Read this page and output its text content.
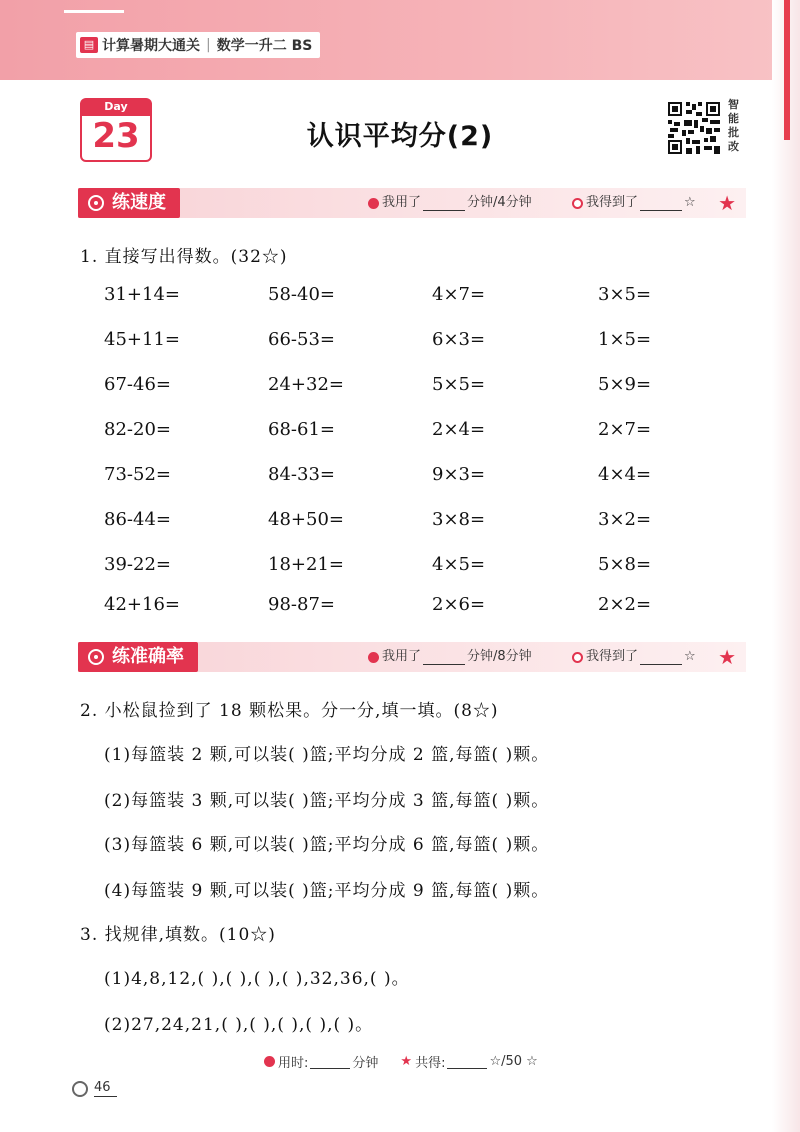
▤ 计算暑期大通关 | 数学一升二 BS
Day
23	认识平均分(2)
智能批改
练速度	我用了	分钟/4分钟	我得到了	☆ ★
1. 直接写出得数。(32☆)
31+14=	58-40=	4×7=	3×5=
45+11=	66-53=	6×3=	1×5=
67-46=	24+32=	5×5=	5×9=
82-20=	68-61=	2×4=	2×7=
73-52=	84-33=	9×3=	4×4=
86-44=	48+50=	3×8=	3×2=
39-22=	18+21=	4×5=	5×8=
42+16=	98-87=	2×6=	2×2=
练准确率	我用了	分钟/8分钟	我得到了	☆ ★
2. 小松鼠捡到了 18 颗松果。分一分,填一填。(8☆)
(1)每篮装 2 颗,可以装( )篮;平均分成 2 篮,每篮( )颗。
(2)每篮装 3 颗,可以装( )篮;平均分成 3 篮,每篮( )颗。
(3)每篮装 6 颗,可以装( )篮;平均分成 6 篮,每篮( )颗。
(4)每篮装 9 颗,可以装( )篮;平均分成 9 篮,每篮( )颗。
3. 找规律,填数。(10☆)
(1)4,8,12,( ),( ),( ),( ),32,36,( )。
(2)27,24,21,( ),( ),( ),( ),( )。
用时:	分钟 ★ 共得:	☆/50 ☆
46
